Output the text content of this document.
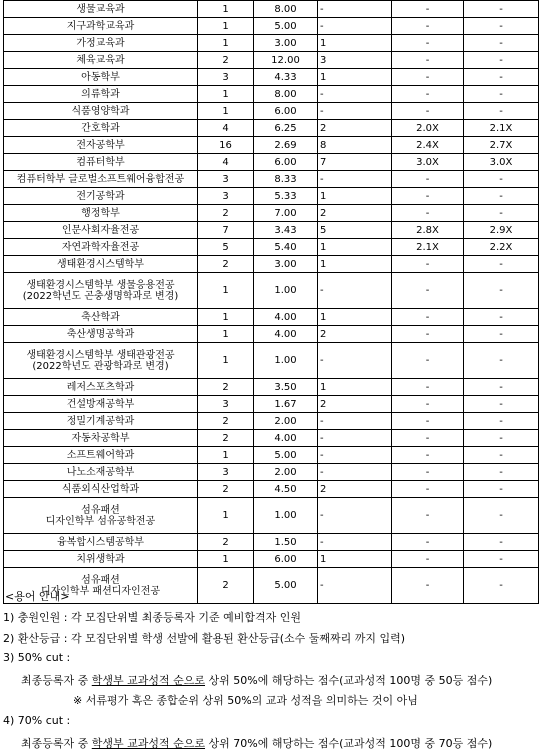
생물교육과	1	8.00	-	-	-
지구과학교육과	1	5.00	-	-	-
가정교육과	1	3.00	1	-	-
체육교육과	2	12.00	3	-	-
아동학부	3	4.33	1	-	-
의류학과	1	8.00	-	-	-
식품영양학과	1	6.00	-	-	-
간호학과	4	6.25	2	2.0X	2.1X
전자공학부	16	2.69	8	2.4X	2.7X
컴퓨터학부	4	6.00	7	3.0X	3.0X
컴퓨터학부 글로벌소프트웨어융합전공	3	8.33	-	-	-
전기공학과	3	5.33	1	-	-
행정학부	2	7.00	2	-	-
인문사회자율전공	7	3.43	5	2.8X	2.9X
자연과학자율전공	5	5.40	1	2.1X	2.2X
생태환경시스템학부	2	3.00	1	-	-

생태환경시스템학부 생물응용전공
(2022학년도 곤충생명학과로 변경)	1	1.00	-	-	-
축산학과	1	4.00	1	-	-
축산생명공학과	1	4.00	2	-	-

생태환경시스템학부 생태관광전공
(2022학년도 관광학과로 변경)	1	1.00	-	-	-
레저스포츠학과	2	3.50	1	-	-
건설방재공학부	3	1.67	2	-	-
정밀기계공학과	2	2.00	-	-	-
자동차공학부	2	4.00	-	-	-
소프트웨어학과	1	5.00	-	-	-
나노소재공학부	3	2.00	-	-	-
식품외식산업학과	2	4.50	2	-	-

섬유패션
디자인학부 섬유공학전공	1	1.00	-	-	-
융복합시스템공학부	2	1.50	-	-	-
치위생학과	1	6.00	1	-	-

섬유패션
디자인학부 패션디자인전공	2	5.00	-	-	-
<용어 안내>
1) 충원인원 : 각 모집단위별 최종등록자 기준 예비합격자 인원
2) 환산등급 : 각 모집단위별 학생 선발에 활용된 환산등급(소수 둘째짜리 까지 입력)
3) 50% cut :
최종등록자 중 학생부 교과성적 순으로 상위 50%에 해당하는 점수(교과성적 100명 중 50등 점수)
※ 서류평가 혹은 종합순위 상위 50%의 교과 성적을 의미하는 것이 아님
4) 70% cut :
최종등록자 중 학생부 교과성적 순으로 상위 70%에 해당하는 점수(교과성적 100명 중 70등 점수)
